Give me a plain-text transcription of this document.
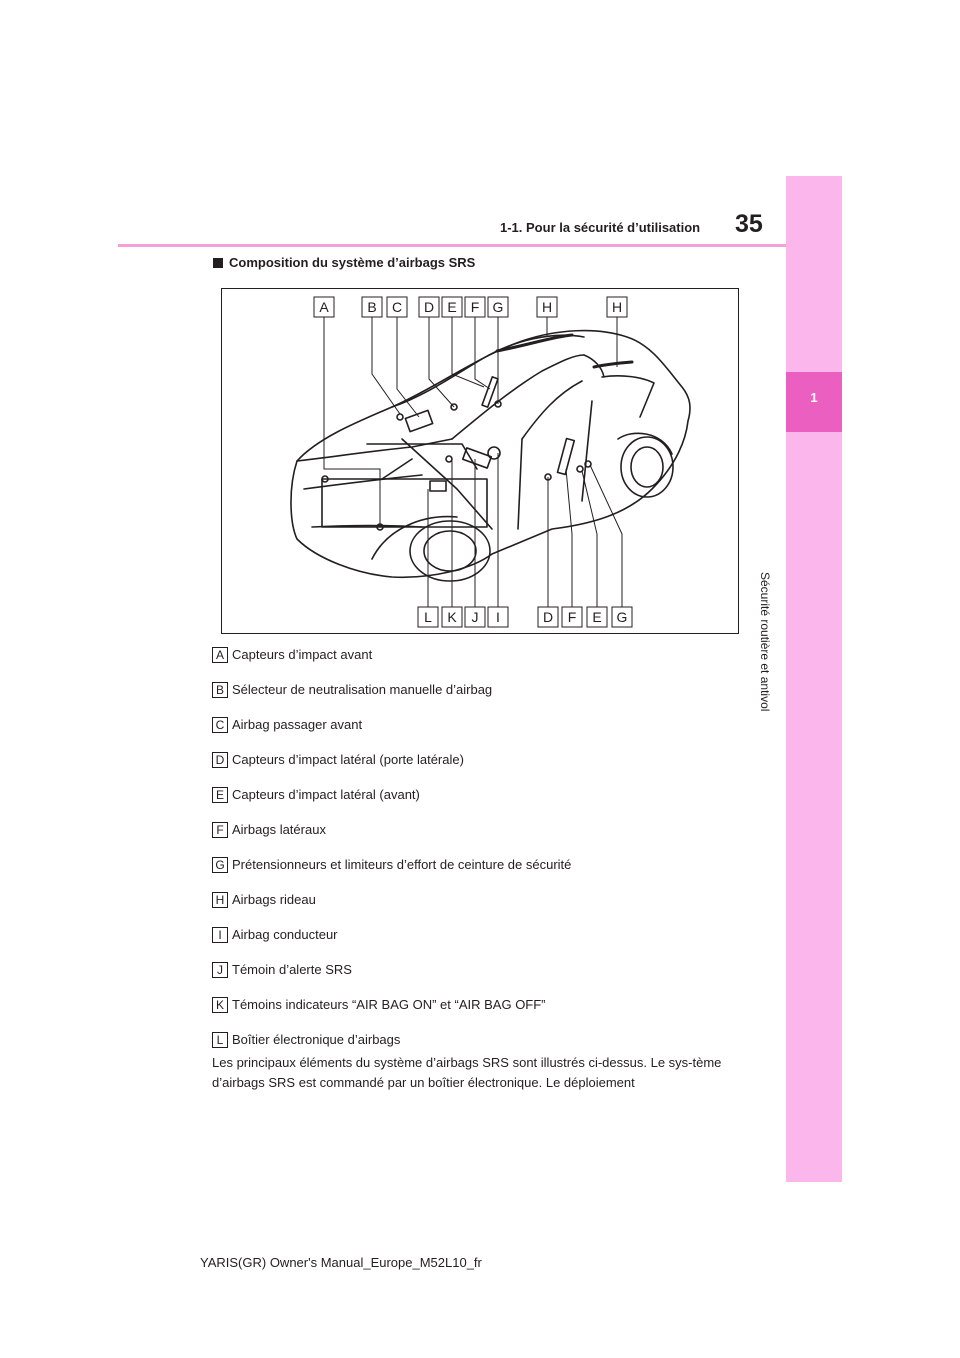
1
Sécurité routière et antivol
1-1. Pour la sécurité d’utilisation 35
Composition du système d’airbags SRS
A	B C D E F G	H	H
L K J I	D F E G
A Capteurs d’impact avant
B Sélecteur de neutralisation manuelle d’airbag
C Airbag passager avant
D Capteurs d’impact latéral (porte latérale)
E Capteurs d’impact latéral (avant)
F Airbags latéraux
G Prétensionneurs et limiteurs d’effort de ceinture de sécurité
H Airbags rideau
I Airbag conducteur
J Témoin d’alerte SRS
K Témoins indicateurs “AIR BAG ON” et “AIR BAG OFF”
L Boîtier électronique d’airbags
Les principaux éléments du système d’airbags SRS sont illustrés ci-dessus. Le sys-tème d’airbags SRS est commandé par un boîtier électronique. Le déploiement
YARIS(GR) Owner's Manual_Europe_M52L10_fr
